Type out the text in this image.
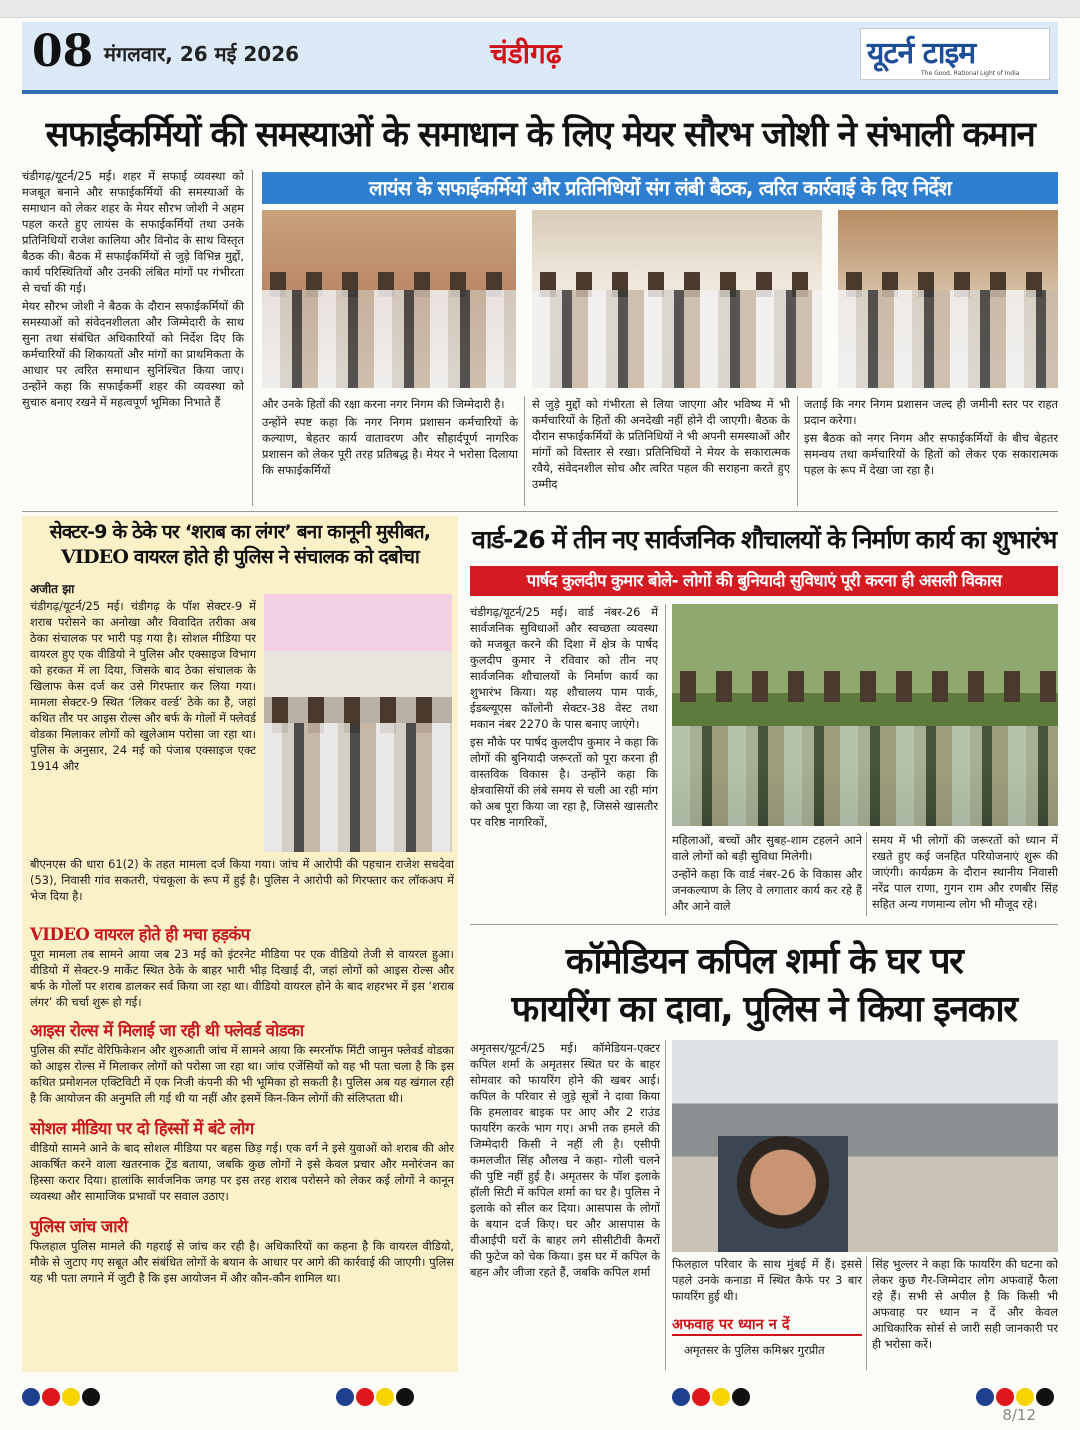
08 मंगलवार, 26 मई 2026	चंडीगढ़	यूटर्न टाइम
The Good, Rational Light of India
सफाईकर्मियों की समस्याओं के समाधान के लिए मेयर सौरभ जोशी ने संभाली कमान

चंडीगढ़/यूटर्न/25 मई। शहर में सफाई व्यवस्था को मजबूत बनाने और सफाईकर्मियों की समस्याओं के समाधान को लेकर शहर के मेयर सौरभ जोशी ने अहम पहल करते हुए लायंस के सफाईकर्मियों तथा उनके प्रतिनिधियों राजेश कालिया और विनोद के साथ विस्तृत बैठक की। बैठक में सफाईकर्मियों से जुड़े विभिन्न मुद्दों, कार्य परिस्थितियों और उनकी लंबित मांगों पर गंभीरता से चर्चा की गई।

मेयर सौरभ जोशी ने बैठक के दौरान सफाईकर्मियों की समस्याओं को संवेदनशीलता और जिम्मेदारी के साथ सुना तथा संबंधित अधिकारियों को निर्देश दिए कि कर्मचारियों की शिकायतों और मांगों का प्राथमिकता के आधार पर त्वरित समाधान सुनिश्चित किया जाए। उन्होंने कहा कि सफाईकर्मी शहर की व्यवस्था को सुचारु बनाए रखने में महत्वपूर्ण भूमिका निभाते हैं

लायंस के सफाईकर्मियों और प्रतिनिधियों संग लंबी बैठक, त्वरित कार्रवाई के दिए निर्देश

और उनके हितों की रक्षा करना नगर निगम की जिम्मेदारी है।

उन्होंने स्पष्ट कहा कि नगर निगम प्रशासन कर्मचारियों के कल्याण, बेहतर कार्य वातावरण और सौहार्दपूर्ण नागरिक प्रशासन को लेकर पूरी तरह प्रतिबद्ध है। मेयर ने भरोसा दिलाया कि सफाईकर्मियों

से जुड़े मुद्दों को गंभीरता से लिया जाएगा और भविष्य में भी कर्मचारियों के हितों की अनदेखी नहीं होने दी जाएगी। बैठक के दौरान सफाईकर्मियों के प्रतिनिधियों ने भी अपनी समस्याओं और मांगों को विस्तार से रखा। प्रतिनिधियों ने मेयर के सकारात्मक रवैये, संवेदनशील सोच और त्वरित पहल की सराहना करते हुए उम्मीद

जताई कि नगर निगम प्रशासन जल्द ही जमीनी स्तर पर राहत प्रदान करेगा।

इस बैठक को नगर निगम और सफाईकर्मियों के बीच बेहतर समन्वय तथा कर्मचारियों के हितों को लेकर एक सकारात्मक पहल के रूप में देखा जा रहा है।

सेक्टर-9 के ठेके पर ‘शराब का लंगर’ बना कानूनी मुसीबत,
VIDEO वायरल होते ही पुलिस ने संचालक को दबोचा
अजीत झा

चंडीगढ़/यूटर्न/25 मई। चंडीगढ़ के पॉश सेक्टर-9 में शराब परोसने का अनोखा और विवादित तरीका अब ठेका संचालक पर भारी पड़ गया है। सोशल मीडिया पर वायरल हुए एक वीडियो ने पुलिस और एक्साइज विभाग को हरकत में ला दिया, जिसके बाद ठेका संचालक के खिलाफ केस दर्ज कर उसे गिरफ्तार कर लिया गया। मामला सेक्टर-9 स्थित ‘लिकर वर्ल्ड’ ठेके का है, जहां कथित तौर पर आइस रोल्स और बर्फ के गोलों में फ्लेवर्ड वोडका मिलाकर लोगों को खुलेआम परोसा जा रहा था। पुलिस के अनुसार, 24 मई को पंजाब एक्साइज एक्ट 1914 और

बीएनएस की धारा 61(2) के तहत मामला दर्ज किया गया। जांच में आरोपी की पहचान राजेश सचदेवा (53), निवासी गांव सकतरी, पंचकूला के रूप में हुई है। पुलिस ने आरोपी को गिरफ्तार कर लॉकअप में भेज दिया है।

VIDEO वायरल होते ही मचा हड़कंप

पूरा मामला तब सामने आया जब 23 मई को इंटरनेट मीडिया पर एक वीडियो तेजी से वायरल हुआ। वीडियो में सेक्टर-9 मार्केट स्थित ठेके के बाहर भारी भीड़ दिखाई दी, जहां लोगों को आइस रोल्स और बर्फ के गोलों पर शराब डालकर सर्व किया जा रहा था। वीडियो वायरल होने के बाद शहरभर में इस ‘शराब लंगर’ की चर्चा शुरू हो गई।

आइस रोल्स में मिलाई जा रही थी फ्लेवर्ड वोडका

पुलिस की स्पॉट वेरिफिकेशन और शुरुआती जांच में सामने आया कि स्मरनॉफ मिंटी जामुन फ्लेवर्ड वोडका को आइस रोल्स में मिलाकर लोगों को परोसा जा रहा था। जांच एजेंसियों को यह भी पता चला है कि इस कथित प्रमोशनल एक्टिविटी में एक निजी कंपनी की भी भूमिका हो सकती है। पुलिस अब यह खंगाल रही है कि आयोजन की अनुमति ली गई थी या नहीं और इसमें किन-किन लोगों की संलिप्तता थी।

सोशल मीडिया पर दो हिस्सों में बंटे लोग

वीडियो सामने आने के बाद सोशल मीडिया पर बहस छिड़ गई। एक वर्ग ने इसे युवाओं को शराब की ओर आकर्षित करने वाला खतरनाक ट्रेंड बताया, जबकि कुछ लोगों ने इसे केवल प्रचार और मनोरंजन का हिस्सा करार दिया। हालांकि सार्वजनिक जगह पर इस तरह शराब परोसने को लेकर कई लोगों ने कानून व्यवस्था और सामाजिक प्रभावों पर सवाल उठाए।

पुलिस जांच जारी

फिलहाल पुलिस मामले की गहराई से जांच कर रही है। अधिकारियों का कहना है कि वायरल वीडियो, मौके से जुटाए गए सबूत और संबंधित लोगों के बयान के आधार पर आगे की कार्रवाई की जाएगी। पुलिस यह भी पता लगाने में जुटी है कि इस आयोजन में और कौन-कौन शामिल था।

वार्ड-26 में तीन नए सार्वजनिक शौचालयों के निर्माण कार्य का शुभारंभ
पार्षद कुलदीप कुमार बोले- लोगों की बुनियादी सुविधाएं पूरी करना ही असली विकास

चंडीगढ़/यूटर्न/25 मई। वार्ड नंबर-26 में सार्वजनिक सुविधाओं और स्वच्छता व्यवस्था को मजबूत करने की दिशा में क्षेत्र के पार्षद कुलदीप कुमार ने रविवार को तीन नए सार्वजनिक शौचालयों के निर्माण कार्य का शुभारंभ किया। यह शौचालय पाम पार्क, ईडब्ल्यूएस कॉलोनी सेक्टर-38 वेस्ट तथा मकान नंबर 2270 के पास बनाए जाएंगे।

इस मौके पर पार्षद कुलदीप कुमार ने कहा कि लोगों की बुनियादी जरूरतों को पूरा करना ही वास्तविक विकास है। उन्होंने कहा कि क्षेत्रवासियों की लंबे समय से चली आ रही मांग को अब पूरा किया जा रहा है, जिससे खासतौर पर वरिष्ठ नागरिकों,

महिलाओं, बच्चों और सुबह-शाम टहलने आने वाले लोगों को बड़ी सुविधा मिलेगी।

उन्होंने कहा कि वार्ड नंबर-26 के विकास और जनकल्याण के लिए वे लगातार कार्य कर रहे हैं और आने वाले

समय में भी लोगों की जरूरतों को ध्यान में रखते हुए कई जनहित परियोजनाएं शुरू की जाएंगी। कार्यक्रम के दौरान स्थानीय निवासी नरेंद्र पाल राणा, गुगन राम और रणबीर सिंह सहित अन्य गणमान्य लोग भी मौजूद रहे।

कॉमेडियन कपिल शर्मा के घर पर
फायरिंग का दावा, पुलिस ने किया इनकार

अमृतसर/यूटर्न/25 मई। कॉमेडियन-एक्टर कपिल शर्मा के अमृतसर स्थित घर के बाहर सोमवार को फायरिंग होने की खबर आई। कपिल के परिवार से जुड़े सूत्रों ने दावा किया कि हमलावर बाइक पर आए और 2 राउंड फायरिंग करके भाग गए। अभी तक हमले की जिम्मेदारी किसी ने नहीं ली है। एसीपी कमलजीत सिंह औलख ने कहा- गोली चलने की पुष्टि नहीं हुई है। अमृतसर के पॉश इलाके हॉली सिटी में कपिल शर्मा का घर है। पुलिस ने इलाके को सील कर दिया। आसपास के लोगों के बयान दर्ज किए। घर और आसपास के वीआईपी घरों के बाहर लगे सीसीटीवी कैमरों की फुटेज को चेक किया। इस घर में कपिल के बहन और जीजा रहते हैं, जबकि कपिल शर्मा

फिलहाल परिवार के साथ मुंबई में हैं। इससे पहले उनके कनाडा में स्थित कैफे पर 3 बार फायरिंग हुई थी।

अफवाह पर ध्यान न दें

अमृतसर के पुलिस कमिश्नर गुरप्रीत

सिंह भुल्लर ने कहा कि फायरिंग की घटना को लेकर कुछ गैर-जिम्मेदार लोग अफवाहें फैला रहे हैं। सभी से अपील है कि किसी भी अफवाह पर ध्यान न दें और केवल आधिकारिक सोर्स से जारी सही जानकारी पर ही भरोसा करें।

8/12
